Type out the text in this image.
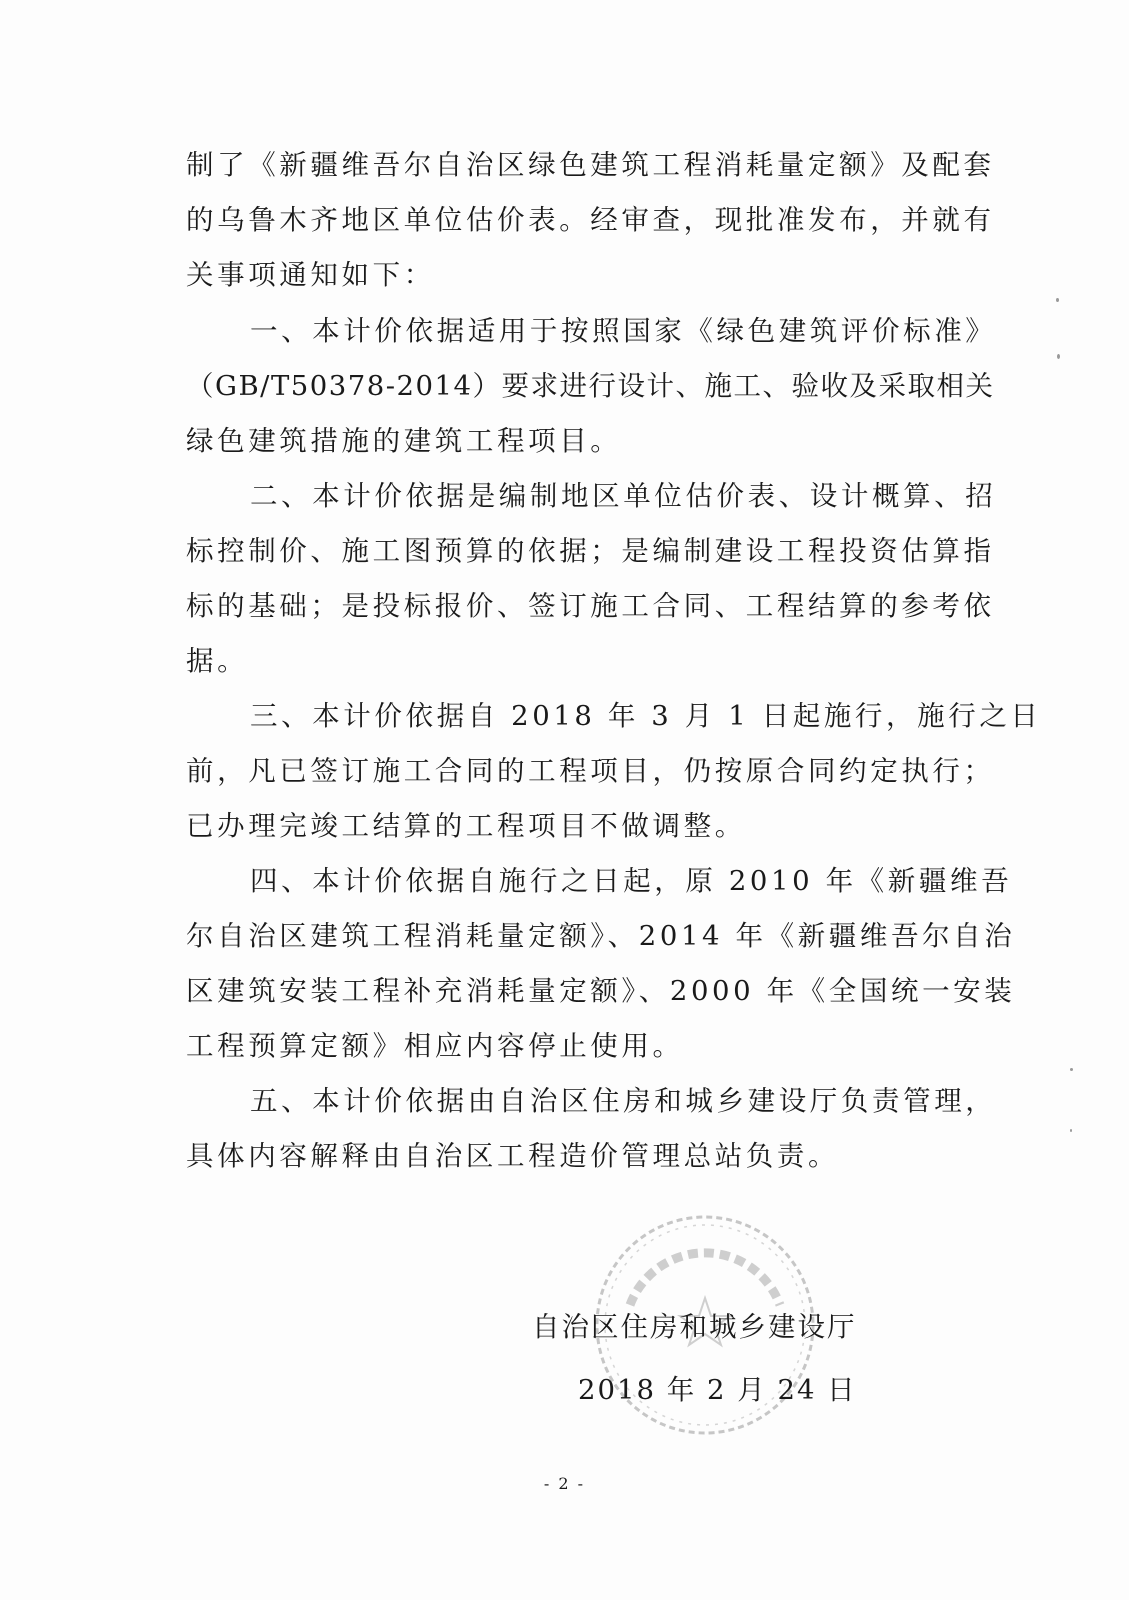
制了《新疆维吾尔自治区绿色建筑工程消耗量定额》及配套
的乌鲁木齐地区单位估价表。经审查，现批准发布，并就有
关事项通知如下：
一、本计价依据适用于按照国家《绿色建筑评价标准》
（GB/T50378-2014）要求进行设计、施工、验收及采取相关
绿色建筑措施的建筑工程项目。
二、本计价依据是编制地区单位估价表、设计概算、招
标控制价、施工图预算的依据；是编制建设工程投资估算指
标的基础；是投标报价、签订施工合同、工程结算的参考依
据。
三、本计价依据自 2018 年 3 月 1 日起施行，施行之日
前，凡已签订施工合同的工程项目，仍按原合同约定执行；
已办理完竣工结算的工程项目不做调整。
四、本计价依据自施行之日起，原 2010 年《新疆维吾
尔自治区建筑工程消耗量定额》、2014 年《新疆维吾尔自治
区建筑安装工程补充消耗量定额》、2000 年《全国统一安装
工程预算定额》相应内容停止使用。
五、本计价依据由自治区住房和城乡建设厅负责管理，
具体内容解释由自治区工程造价管理总站负责。
自治区住房和城乡建设厅
2018 年 2 月 24 日
- 2 -
